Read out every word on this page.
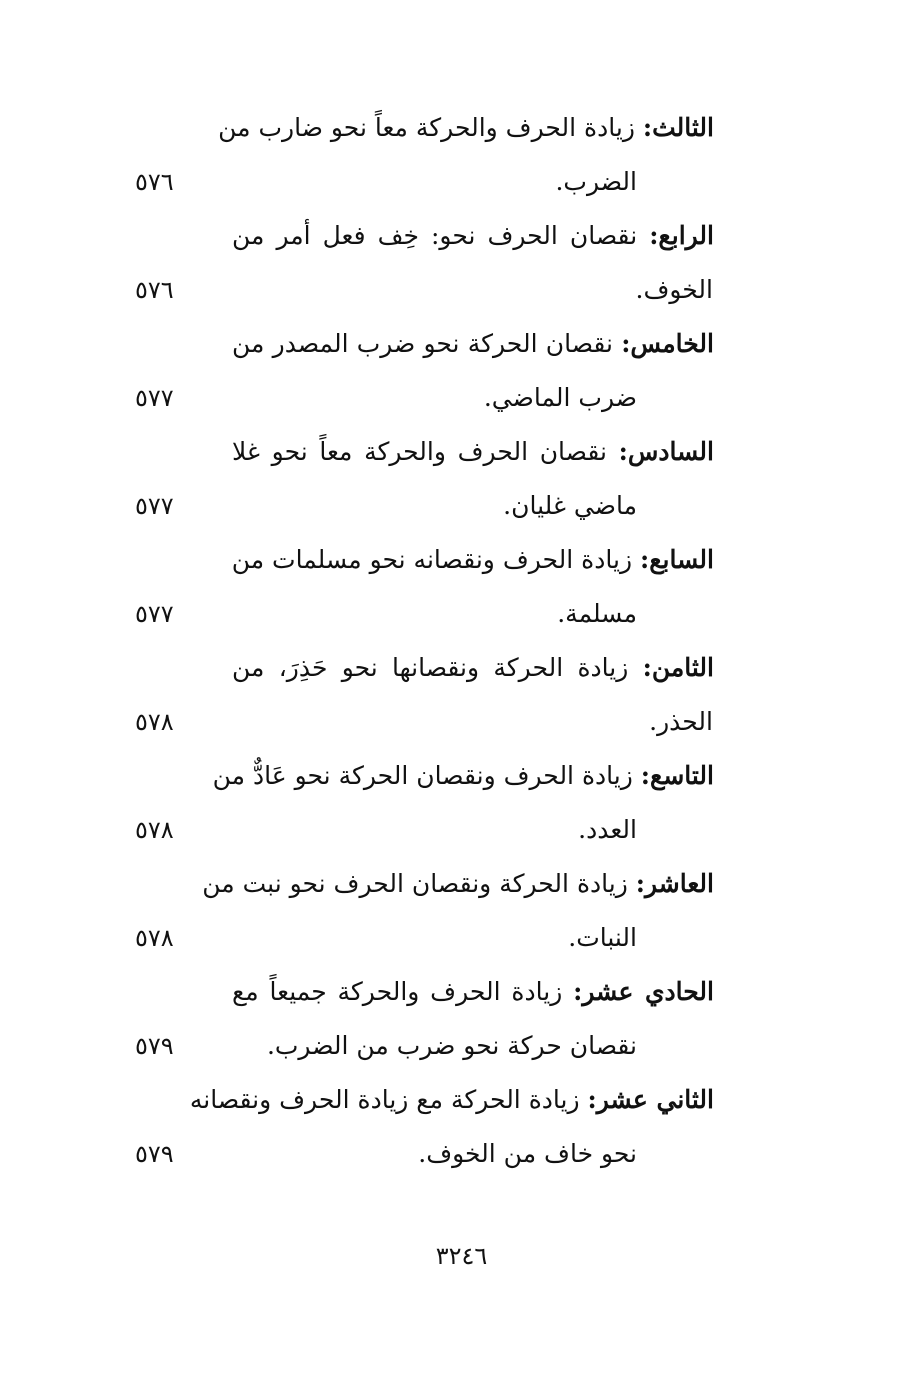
الثالث: زيادة الحرف والحركة معاً نحو ضارب من
الضرب.
٥٧٦
الرابع: نقصان الحرف نحو: خِف فعل أمر من
الخوف.
٥٧٦
الخامس: نقصان الحركة نحو ضرب المصدر من
ضرب الماضي.
٥٧٧
السادس: نقصان الحرف والحركة معاً نحو غلا
ماضي غليان.
٥٧٧
السابع: زيادة الحرف ونقصانه نحو مسلمات من
مسلمة.
٥٧٧
الثامن: زيادة الحركة ونقصانها نحو حَذِرَ، من
الحذر.
٥٧٨
التاسع: زيادة الحرف ونقصان الحركة نحو عَادٌّ من
العدد.
٥٧٨
العاشر: زيادة الحركة ونقصان الحرف نحو نبت من
النبات.
٥٧٨
الحادي عشر: زيادة الحرف والحركة جميعاً مع
نقصان حركة نحو ضرب من الضرب.
٥٧٩
الثاني عشر: زيادة الحركة مع زيادة الحرف ونقصانه
نحو خاف من الخوف.
٥٧٩
٣٢٤٦
